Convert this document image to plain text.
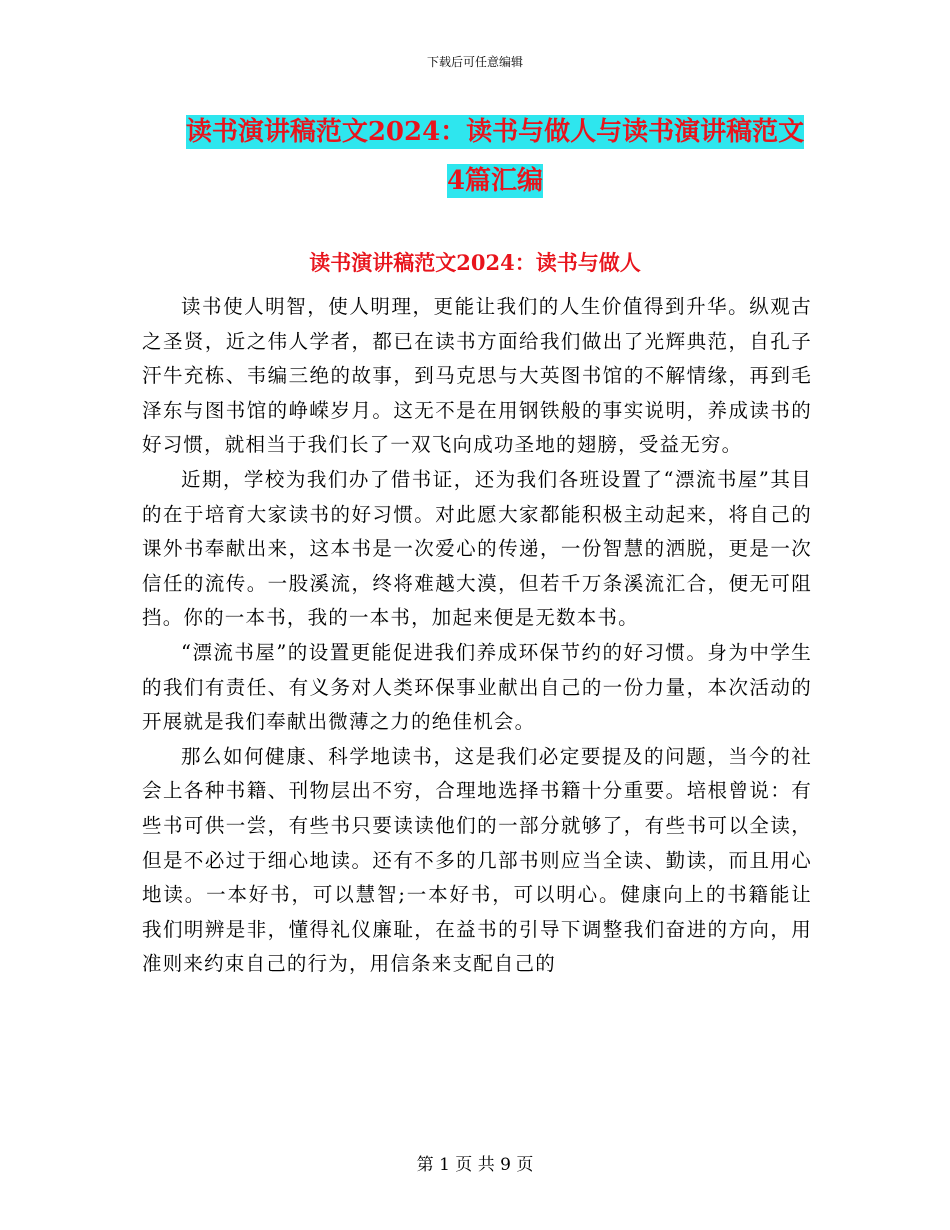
下载后可任意编辑
读书演讲稿范文2024：读书与做人与读书演讲稿范文
4篇汇编
读书演讲稿范文2024：读书与做人

读书使人明智，使人明理，更能让我们的人生价值得到升华。纵观古之圣贤，近之伟人学者，都已在读书方面给我们做出了光辉典范，自孔子汗牛充栋、韦编三绝的故事，到马克思与大英图书馆的不解情缘，再到毛泽东与图书馆的峥嵘岁月。这无不是在用钢铁般的事实说明，养成读书的好习惯，就相当于我们长了一双飞向成功圣地的翅膀，受益无穷。

近期，学校为我们办了借书证，还为我们各班设置了“漂流书屋”其目的在于培育大家读书的好习惯。对此愿大家都能积极主动起来，将自己的课外书奉献出来，这本书是一次爱心的传递，一份智慧的洒脱，更是一次信任的流传。一股溪流，终将难越大漠，但若千万条溪流汇合，便无可阻挡。你的一本书，我的一本书，加起来便是无数本书。

“漂流书屋”的设置更能促进我们养成环保节约的好习惯。身为中学生的我们有责任、有义务对人类环保事业献出自己的一份力量，本次活动的开展就是我们奉献出微薄之力的绝佳机会。

那么如何健康、科学地读书，这是我们必定要提及的问题，当今的社会上各种书籍、刊物层出不穷，合理地选择书籍十分重要。培根曾说：有些书可供一尝，有些书只要读读他们的一部分就够了，有些书可以全读，但是不必过于细心地读。还有不多的几部书则应当全读、勤读，而且用心地读。一本好书，可以慧智;一本好书，可以明心。健康向上的书籍能让我们明辨是非，懂得礼仪廉耻，在益书的引导下调整我们奋进的方向，用准则来约束自己的行为，用信条来支配自己的

第 1 页 共 9 页
